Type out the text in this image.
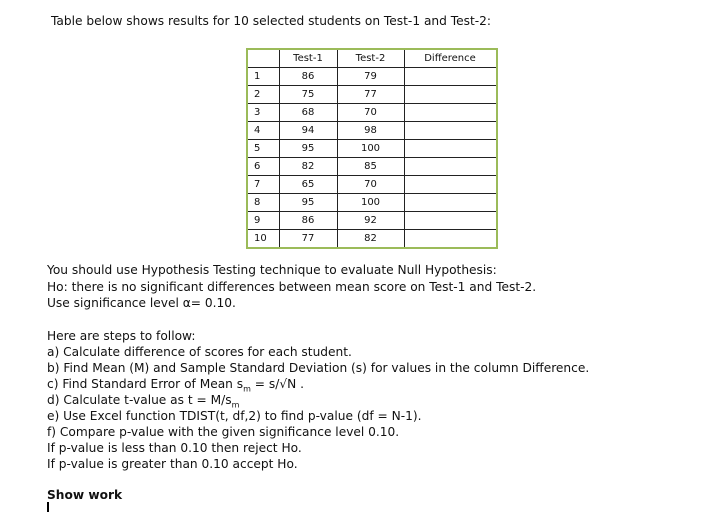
Table below shows results for 10 selected students on Test-1 and Test-2:
	Test-1	Test-2	Difference
1	86	79	
2	75	77	
3	68	70	
4	94	98	
5	95	100	
6	82	85	
7	65	70	
8	95	100	
9	86	92	
10	77	82	
You should use Hypothesis Testing technique to evaluate Null Hypothesis:
Ho: there is no significant differences between mean score on Test-1 and Test-2.
Use significance level α= 0.10.
Here are steps to follow:
a) Calculate difference of scores for each student.
b) Find Mean (M) and Sample Standard Deviation (s) for values in the column Difference.
c) Find Standard Error of Mean $s_m = s/√N$ .
d) Calculate t-value as $t = M/s_m$
e) Use Excel function TDIST(t, df,2) to find p-value (df = N-1).
f) Compare p-value with the given significance level 0.10.
If p-value is less than 0.10 then reject Ho.
If p-value is greater than 0.10 accept Ho.
Show work
